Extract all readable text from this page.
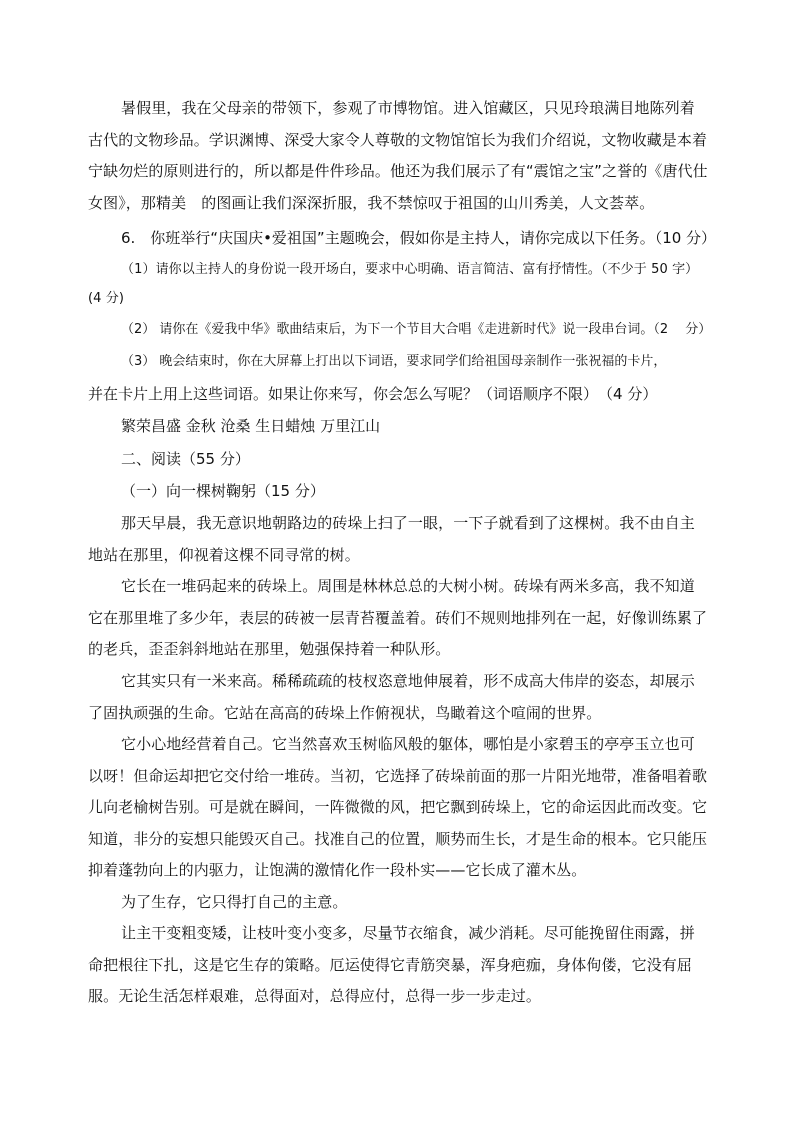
暑假里，我在父母亲的带领下，参观了市博物馆。进入馆藏区，只见玲琅满目地陈列着古代的文物珍品。学识渊博、深受大家令人尊敬的文物馆馆长为我们介绍说，文物收藏是本着宁缺勿烂的原则进行的，所以都是件件珍品。他还为我们展示了有“震馆之宝”之誉的《唐代仕女图》，那精美　的图画让我们深深折服，我不禁惊叹于祖国的山川秀美，人文荟萃。

6.　你班举行“庆国庆•爱祖国”主题晚会，假如你是主持人，请你完成以下任务。（10 分）

（1）请你以主持人的身份说一段开场白，要求中心明确、语言简洁、富有抒情性。（不少于 50 字）(4 分)

（2） 请你在《爱我中华》歌曲结束后，为下一个节目大合唱《走进新时代》说一段串台词。（2　 分）

（3） 晚会结束时，你在大屏幕上打出以下词语，要求同学们给祖国母亲制作一张祝福的卡片，

并在卡片上用上这些词语。如果让你来写，你会怎么写呢？（词语顺序不限）　（4 分）

繁荣昌盛 金秋 沧桑 生日蜡烛 万里江山

二、阅读（55 分）

（一）向一棵树鞠躬（15 分）

那天早晨，我无意识地朝路边的砖垛上扫了一眼，一下子就看到了这棵树。我不由自主地站在那里，仰视着这棵不同寻常的树。

它长在一堆码起来的砖垛上。周围是林林总总的大树小树。砖垛有两米多高，我不知道它在那里堆了多少年，表层的砖被一层青苔覆盖着。砖们不规则地排列在一起，好像训练累了的老兵，歪歪斜斜地站在那里，勉强保持着一种队形。

它其实只有一米来高。稀稀疏疏的枝杈恣意地伸展着，形不成高大伟岸的姿态，却展示了固执顽强的生命。它站在高高的砖垛上作俯视状，鸟瞰着这个喧闹的世界。

它小心地经营着自己。它当然喜欢玉树临风般的躯体，哪怕是小家碧玉的亭亭玉立也可以呀！但命运却把它交付给一堆砖。当初，它选择了砖垛前面的那一片阳光地带，准备唱着歌儿向老榆树告别。可是就在瞬间，一阵微微的风，把它飘到砖垛上，它的命运因此而改变。它知道，非分的妄想只能毁灭自己。找准自己的位置，顺势而生长，才是生命的根本。它只能压抑着蓬勃向上的内驱力，让饱满的激情化作一段朴实——它长成了灌木丛。

为了生存，它只得打自己的主意。

让主干变粗变矮，让枝叶变小变多，尽量节衣缩食，减少消耗。尽可能挽留住雨露，拼命把根往下扎，这是它生存的策略。厄运使得它青筋突暴，浑身疤痂，身体佝偻，它没有屈服。无论生活怎样艰难，总得面对，总得应付，总得一步一步走过。
